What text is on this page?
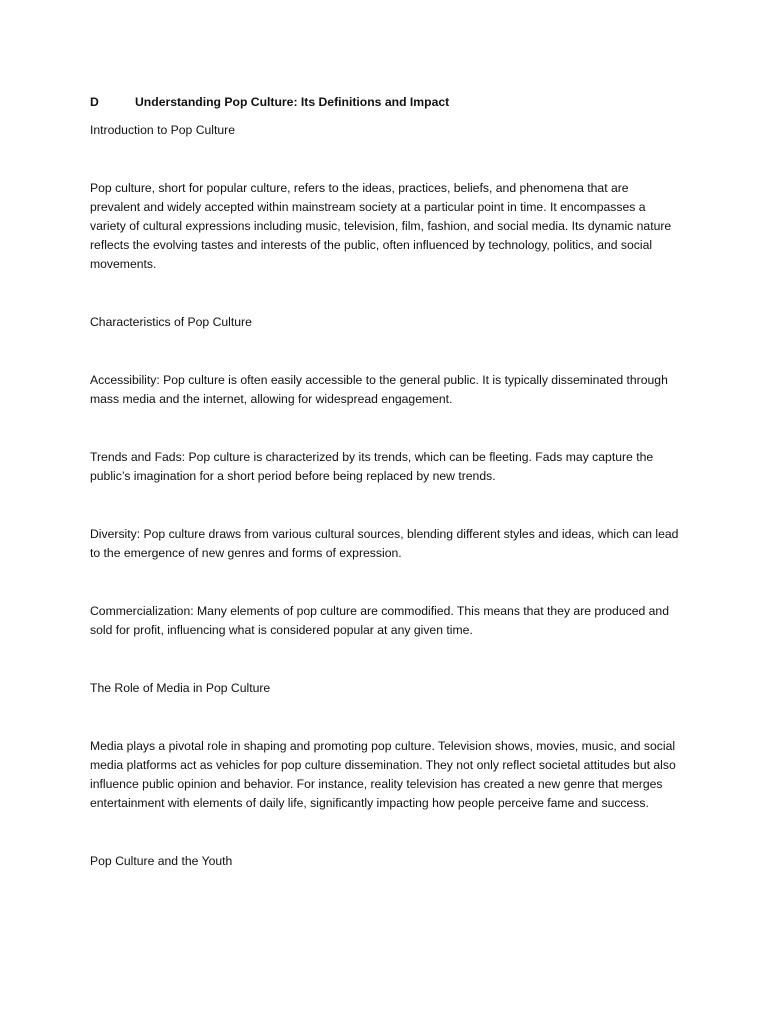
D	Understanding Pop Culture: Its Definitions and Impact

Introduction to Pop Culture

Pop culture, short for popular culture, refers to the ideas, practices, beliefs, and phenomena that are prevalent and widely accepted within mainstream society at a particular point in time. It encompasses a variety of cultural expressions including music, television, film, fashion, and social media. Its dynamic nature reflects the evolving tastes and interests of the public, often influenced by technology, politics, and social movements.

Characteristics of Pop Culture

Accessibility: Pop culture is often easily accessible to the general public. It is typically disseminated through mass media and the internet, allowing for widespread engagement.

Trends and Fads: Pop culture is characterized by its trends, which can be fleeting. Fads may capture the public’s imagination for a short period before being replaced by new trends.

Diversity: Pop culture draws from various cultural sources, blending different styles and ideas, which can lead to the emergence of new genres and forms of expression.

Commercialization: Many elements of pop culture are commodified. This means that they are produced and sold for profit, influencing what is considered popular at any given time.

The Role of Media in Pop Culture

Media plays a pivotal role in shaping and promoting pop culture. Television shows, movies, music, and social media platforms act as vehicles for pop culture dissemination. They not only reflect societal attitudes but also influence public opinion and behavior. For instance, reality television has created a new genre that merges entertainment with elements of daily life, significantly impacting how people perceive fame and success.

Pop Culture and the Youth
